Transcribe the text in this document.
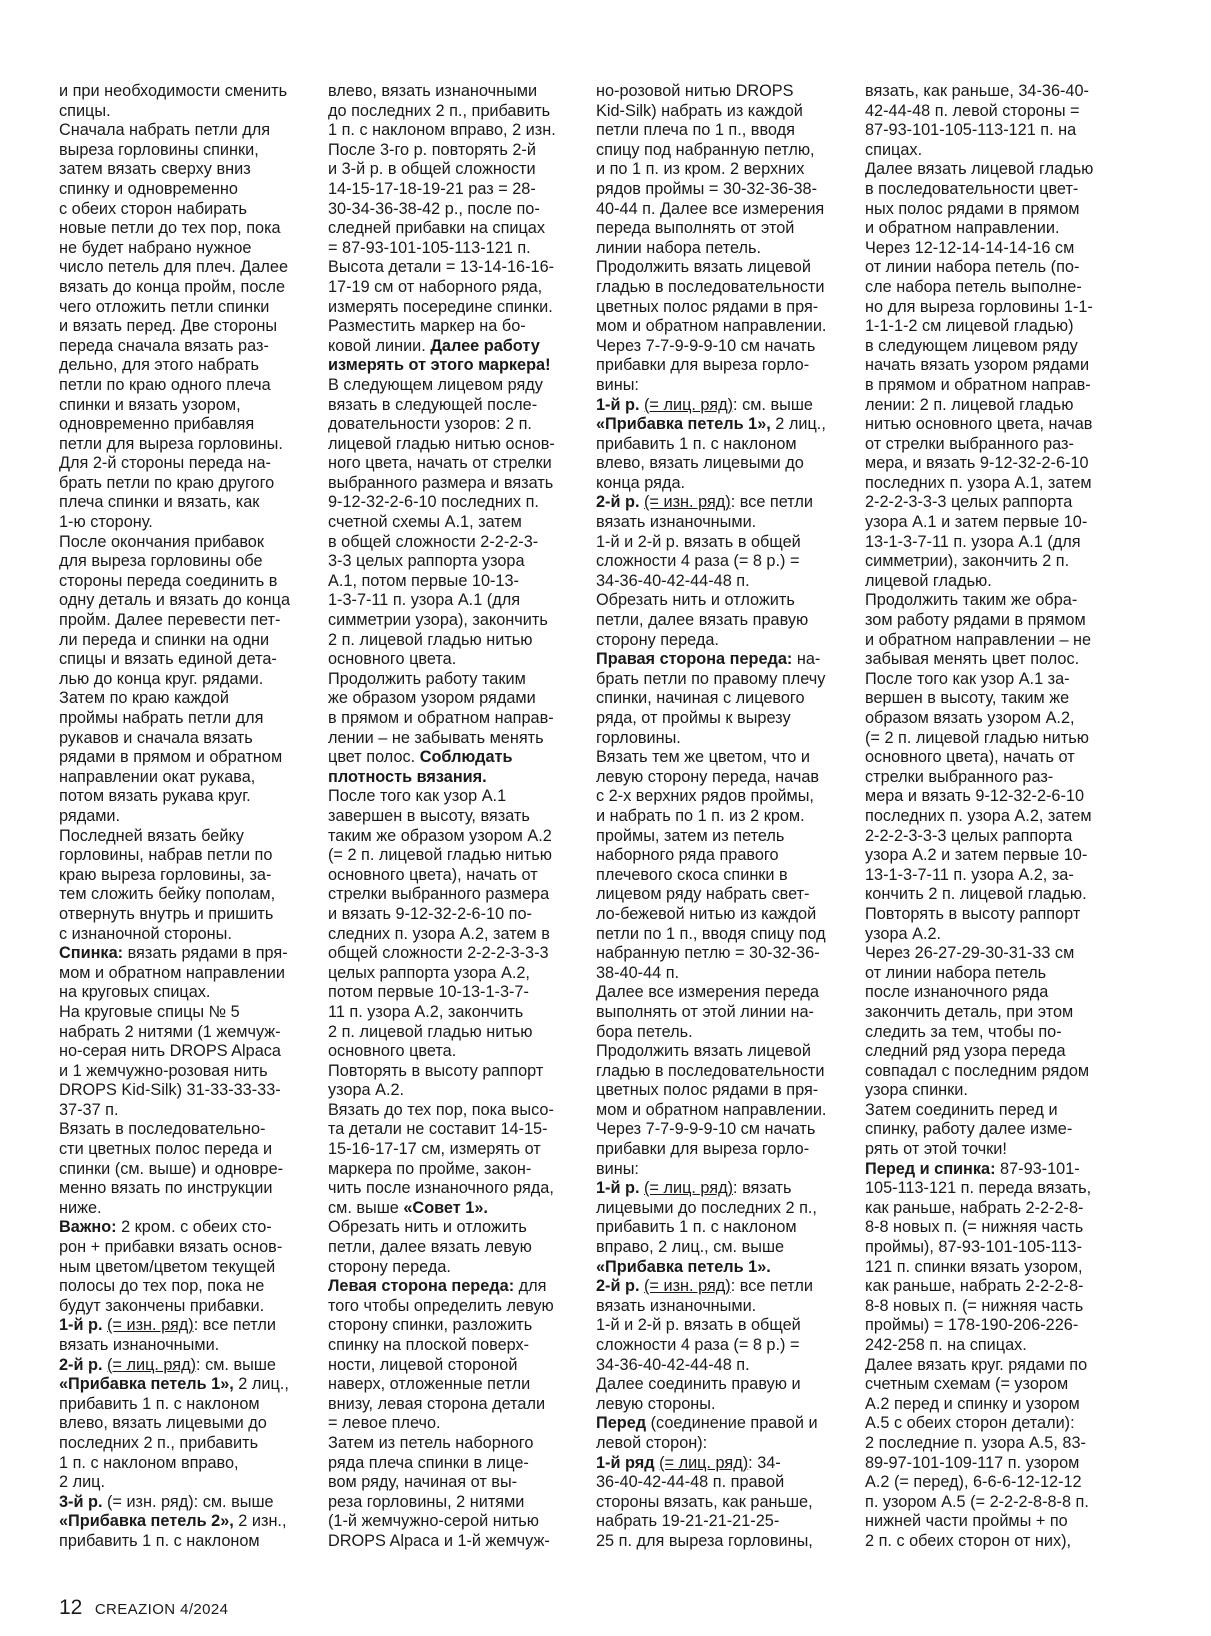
и при необходимости сменить
спицы.
Сначала набрать петли для
выреза горловины спинки,
затем вязать сверху вниз
спинку и одновременно
с обеих сторон набирать
новые петли до тех пор, пока
не будет набрано нужное
число петель для плеч. Далее
вязать до конца пройм, после
чего отложить петли спинки
и вязать перед. Две стороны
переда сначала вязать раз-
дельно, для этого набрать
петли по краю одного плеча
спинки и вязать узором,
одновременно прибавляя
петли для выреза горловины.
Для 2-й стороны переда на-
брать петли по краю другого
плеча спинки и вязать, как
1-ю сторону.
После окончания прибавок
для выреза горловины обе
стороны переда соединить в
одну деталь и вязать до конца
пройм. Далее перевести пет-
ли переда и спинки на одни
спицы и вязать единой дета-
лью до конца круг. рядами.
Затем по краю каждой
проймы набрать петли для
рукавов и сначала вязать
рядами в прямом и обратном
направлении окат рукава,
потом вязать рукава круг.
рядами.
Последней вязать бейку
горловины, набрав петли по
краю выреза горловины, за-
тем сложить бейку пополам,
отвернуть внутрь и пришить
с изнаночной стороны.
Спинка: вязать рядами в пря-
мом и обратном направлении
на круговых спицах.
На круговые спицы № 5
набрать 2 нитями (1 жемчуж-
но-серая нить DROPS Alpaca
и 1 жемчужно-розовая нить
DROPS Kid-Silk) 31-33-33-33-
37-37 п.
Вязать в последовательно-
сти цветных полос переда и
спинки (см. выше) и одновре-
менно вязать по инструкции
ниже.
Важно: 2 кром. с обеих сто-
рон + прибавки вязать основ-
ным цветом/цветом текущей
полосы до тех пор, пока не
будут закончены прибавки.
1-й р. (= изн. ряд): все петли
вязать изнаночными.
2-й р. (= лиц. ряд): см. выше
«Прибавка петель 1», 2 лиц.,
прибавить 1 п. с наклоном
влево, вязать лицевыми до
последних 2 п., прибавить
1 п. с наклоном вправо,
2 лиц.
3-й р. (= изн. ряд): см. выше
«Прибавка петель 2», 2 изн.,
прибавить 1 п. с наклоном
влево, вязать изнаночными
до последних 2 п., прибавить
1 п. с наклоном вправо, 2 изн.
После 3-го р. повторять 2-й
и 3-й р. в общей сложности
14-15-17-18-19-21 раз = 28-
30-34-36-38-42 р., после по-
следней прибавки на спицах
= 87-93-101-105-113-121 п.
Высота детали = 13-14-16-16-
17-19 см от наборного ряда,
измерять посередине спинки.
Разместить маркер на бо-
ковой линии. Далее работу
измерять от этого маркера!
В следующем лицевом ряду
вязать в следующей после-
довательности узоров: 2 п.
лицевой гладью нитью основ-
ного цвета, начать от стрелки
выбранного размера и вязать
9-12-32-2-6-10 последних п.
счетной схемы А.1, затем
в общей сложности 2-2-2-3-
3-3 целых раппорта узора
А.1, потом первые 10-13-
1-3-7-11 п. узора А.1 (для
симметрии узора), закончить
2 п. лицевой гладью нитью
основного цвета.
Продолжить работу таким
же образом узором рядами
в прямом и обратном направ-
лении – не забывать менять
цвет полос. Соблюдать
плотность вязания.
После того как узор А.1
завершен в высоту, вязать
таким же образом узором А.2
(= 2 п. лицевой гладью нитью
основного цвета), начать от
стрелки выбранного размера
и вязать 9-12-32-2-6-10 по-
следних п. узора А.2, затем в
общей сложности 2-2-2-3-3-3
целых раппорта узора А.2,
потом первые 10-13-1-3-7-
11 п. узора А.2, закончить
2 п. лицевой гладью нитью
основного цвета.
Повторять в высоту раппорт
узора А.2.
Вязать до тех пор, пока высо-
та детали не составит 14-15-
15-16-17-17 см, измерять от
маркера по пройме, закон-
чить после изнаночного ряда,
см. выше «Совет 1».
Обрезать нить и отложить
петли, далее вязать левую
сторону переда.
Левая сторона переда: для
того чтобы определить левую
сторону спинки, разложить
спинку на плоской поверх-
ности, лицевой стороной
наверх, отложенные петли
внизу, левая сторона детали
= левое плечо.
Затем из петель наборного
ряда плеча спинки в лице-
вом ряду, начиная от вы-
реза горловины, 2 нитями
(1-й жемчужно-серой нитью
DROPS Alpaca и 1-й жемчуж-
но-розовой нитью DROPS
Kid-Silk) набрать из каждой
петли плеча по 1 п., вводя
спицу под набранную петлю,
и по 1 п. из кром. 2 верхних
рядов проймы = 30-32-36-38-
40-44 п. Далее все измерения
переда выполнять от этой
линии набора петель.
Продолжить вязать лицевой
гладью в последовательности
цветных полос рядами в пря-
мом и обратном направлении.
Через 7-7-9-9-9-10 см начать
прибавки для выреза горло-
вины:
1-й р. (= лиц. ряд): см. выше
«Прибавка петель 1», 2 лиц.,
прибавить 1 п. с наклоном
влево, вязать лицевыми до
конца ряда.
2-й р. (= изн. ряд): все петли
вязать изнаночными.
1-й и 2-й р. вязать в общей
сложности 4 раза (= 8 р.) =
34-36-40-42-44-48 п.
Обрезать нить и отложить
петли, далее вязать правую
сторону переда.
Правая сторона переда: на-
брать петли по правому плечу
спинки, начиная с лицевого
ряда, от проймы к вырезу
горловины.
Вязать тем же цветом, что и
левую сторону переда, начав
с 2-х верхних рядов проймы,
и набрать по 1 п. из 2 кром.
проймы, затем из петель
наборного ряда правого
плечевого скоса спинки в
лицевом ряду набрать свет-
ло-бежевой нитью из каждой
петли по 1 п., вводя спицу под
набранную петлю = 30-32-36-
38-40-44 п.
Далее все измерения переда
выполнять от этой линии на-
бора петель.
Продолжить вязать лицевой
гладью в последовательности
цветных полос рядами в пря-
мом и обратном направлении.
Через 7-7-9-9-9-10 см начать
прибавки для выреза горло-
вины:
1-й р. (= лиц. ряд): вязать
лицевыми до последних 2 п.,
прибавить 1 п. с наклоном
вправо, 2 лиц., см. выше
«Прибавка петель 1».
2-й р. (= изн. ряд): все петли
вязать изнаночными.
1-й и 2-й р. вязать в общей
сложности 4 раза (= 8 р.) =
34-36-40-42-44-48 п.
Далее соединить правую и
левую стороны.
Перед (соединение правой и
левой сторон):
1-й ряд (= лиц. ряд): 34-
36-40-42-44-48 п. правой
стороны вязать, как раньше,
набрать 19-21-21-21-25-
25 п. для выреза горловины,
вязать, как раньше, 34-36-40-
42-44-48 п. левой стороны =
87-93-101-105-113-121 п. на
спицах.
Далее вязать лицевой гладью
в последовательности цвет-
ных полос рядами в прямом
и обратном направлении.
Через 12-12-14-14-14-16 см
от линии набора петель (по-
сле набора петель выполне-
но для выреза горловины 1-1-
1-1-1-2 см лицевой гладью)
в следующем лицевом ряду
начать вязать узором рядами
в прямом и обратном направ-
лении: 2 п. лицевой гладью
нитью основного цвета, начав
от стрелки выбранного раз-
мера, и вязать 9-12-32-2-6-10
последних п. узора А.1, затем
2-2-2-3-3-3 целых раппорта
узора А.1 и затем первые 10-
13-1-3-7-11 п. узора А.1 (для
симметрии), закончить 2 п.
лицевой гладью.
Продолжить таким же обра-
зом работу рядами в прямом
и обратном направлении – не
забывая менять цвет полос.
После того как узор А.1 за-
вершен в высоту, таким же
образом вязать узором А.2,
(= 2 п. лицевой гладью нитью
основного цвета), начать от
стрелки выбранного раз-
мера и вязать 9-12-32-2-6-10
последних п. узора А.2, затем
2-2-2-3-3-3 целых раппорта
узора А.2 и затем первые 10-
13-1-3-7-11 п. узора А.2, за-
кончить 2 п. лицевой гладью.
Повторять в высоту раппорт
узора А.2.
Через 26-27-29-30-31-33 см
от линии набора петель
после изнаночного ряда
закончить деталь, при этом
следить за тем, чтобы по-
следний ряд узора переда
совпадал с последним рядом
узора спинки.
Затем соединить перед и
спинку, работу далее изме-
рять от этой точки!
Перед и спинка: 87-93-101-
105-113-121 п. переда вязать,
как раньше, набрать 2-2-2-8-
8-8 новых п. (= нижняя часть
проймы), 87-93-101-105-113-
121 п. спинки вязать узором,
как раньше, набрать 2-2-2-8-
8-8 новых п. (= нижняя часть
проймы) = 178-190-206-226-
242-258 п. на спицах.
Далее вязать круг. рядами по
счетным схемам (= узором
А.2 перед и спинку и узором
А.5 с обеих сторон детали):
2 последние п. узора А.5, 83-
89-97-101-109-117 п. узором
А.2 (= перед), 6-6-6-12-12-12
п. узором А.5 (= 2-2-2-8-8-8 п.
нижней части проймы + по
2 п. с обеих сторон от них),
12 CREAZION 4/2024
